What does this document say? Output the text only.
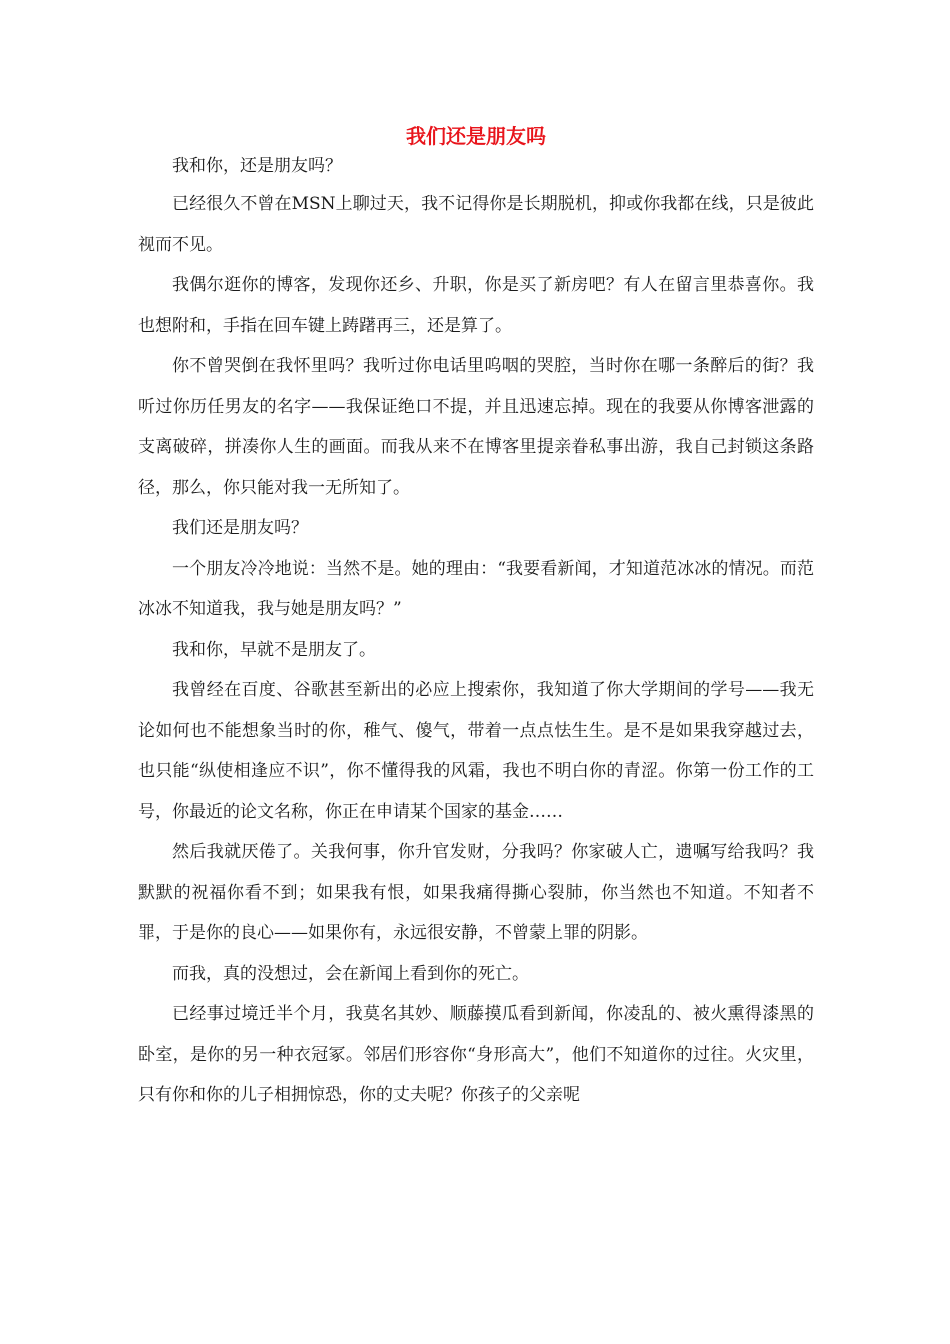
我们还是朋友吗

我和你，还是朋友吗？

已经很久不曾在MSN上聊过天，我不记得你是长期脱机，抑或你我都在线，只是彼此视而不见。

我偶尔逛你的博客，发现你还乡、升职，你是买了新房吧？有人在留言里恭喜你。我也想附和，手指在回车键上踌躇再三，还是算了。

你不曾哭倒在我怀里吗？我听过你电话里呜咽的哭腔，当时你在哪一条醉后的街？我听过你历任男友的名字——我保证绝口不提，并且迅速忘掉。现在的我要从你博客泄露的支离破碎，拼凑你人生的画面。而我从来不在博客里提亲眷私事出游，我自己封锁这条路径，那么，你只能对我一无所知了。

我们还是朋友吗？

一个朋友冷冷地说：当然不是。她的理由：“我要看新闻，才知道范冰冰的情况。而范冰冰不知道我，我与她是朋友吗？”

我和你，早就不是朋友了。

我曾经在百度、谷歌甚至新出的必应上搜索你，我知道了你大学期间的学号——我无论如何也不能想象当时的你，稚气、傻气，带着一点点怯生生。是不是如果我穿越过去，也只能“纵使相逢应不识”，你不懂得我的风霜，我也不明白你的青涩。你第一份工作的工号，你最近的论文名称，你正在申请某个国家的基金……

然后我就厌倦了。关我何事，你升官发财，分我吗？你家破人亡，遗嘱写给我吗？我默默的祝福你看不到；如果我有恨，如果我痛得撕心裂肺，你当然也不知道。不知者不罪，于是你的良心——如果你有，永远很安静，不曾蒙上罪的阴影。

而我，真的没想过，会在新闻上看到你的死亡。

已经事过境迁半个月，我莫名其妙、顺藤摸瓜看到新闻，你凌乱的、被火熏得漆黑的卧室，是你的另一种衣冠冢。邻居们形容你“身形高大”，他们不知道你的过往。火灾里，只有你和你的儿子相拥惊恐，你的丈夫呢？你孩子的父亲呢
